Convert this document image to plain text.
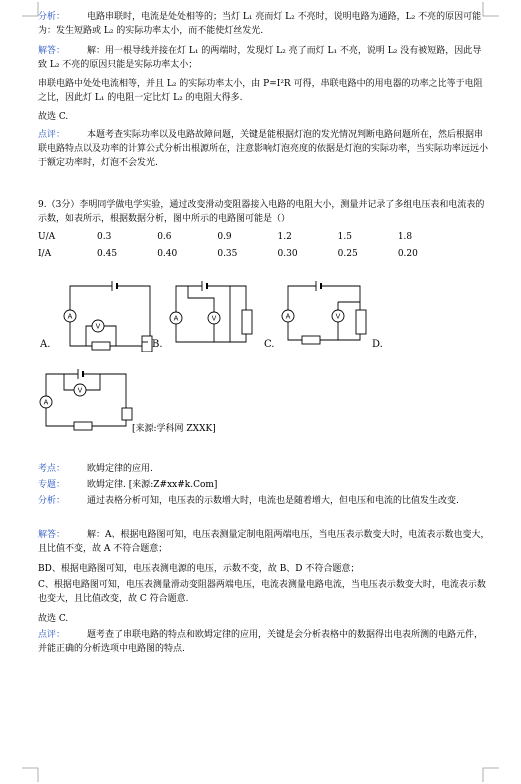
分析： 电路串联时，电流是处处相等的；当灯 L₁ 亮而灯 L₂ 不亮时，说明电路为通路，L₂ 不亮的原因可能为：发生短路或 L₂ 的实际功率太小，而不能使灯丝发光.

解答： 解：用一根导线并接在灯 L₁ 的两端时，发现灯 L₂ 亮了而灯 L₁ 不亮，说明 L₂ 没有被短路，因此导致 L₂ 不亮的原因只能是实际功率太小；

串联电路中处处电流相等，并且 L₂ 的实际功率太小，由 P=I²R 可得，串联电路中的用电器的功率之比等于电阻之比，因此灯 L₁ 的电阻一定比灯 L₂ 的电阻大得多.

故选 C.

点评： 本题考查实际功率以及电路故障问题，关键是能根据灯泡的发光情况判断电路问题所在，然后根据串联电路特点以及功率的计算公式分析出根源所在，注意影响灯泡亮度的依据是灯泡的实际功率，当实际功率远远小于额定功率时，灯泡不会发光.

9.（3分）李明同学做电学实验，通过改变滑动变阻器接入电路的电阻大小，测量并记录了多组电压表和电流表的示数，如表所示，根据数据分析，图中所示的电路图可能是（）

U/A	0.3	0.6	0.9	1.2	1.5	1.8
I/A	0.45	0.40	0.35	0.30	0.25	0.20
A.	B.	C.	D.
[来源:学科网 ZXXK]

考点： 欧姆定律的应用.

专题： 欧姆定律. [来源:Z#xx#k.Com]

分析： 通过表格分析可知，电压表的示数增大时，电流也是随着增大，但电压和电流的比值发生改变.

解答： 解：A、根据电路图可知，电压表测量定制电阻两端电压，当电压表示数变大时，电流表示数也变大，且比值不变，故 A 不符合题意；

BD、根据电路图可知，电压表测电源的电压，示数不变，故 B、D 不符合题意；

C、根据电路图可知，电压表测量滑动变阻器两端电压，电流表测量电路电流，当电压表示数变大时，电流表示数也变大，且比值改变，故 C 符合题意.

故选 C.

点评： 题考查了串联电路的特点和欧姆定律的应用，关键是会分析表格中的数据得出电表所测的电路元件，并能正确的分析选项中电路图的特点.
